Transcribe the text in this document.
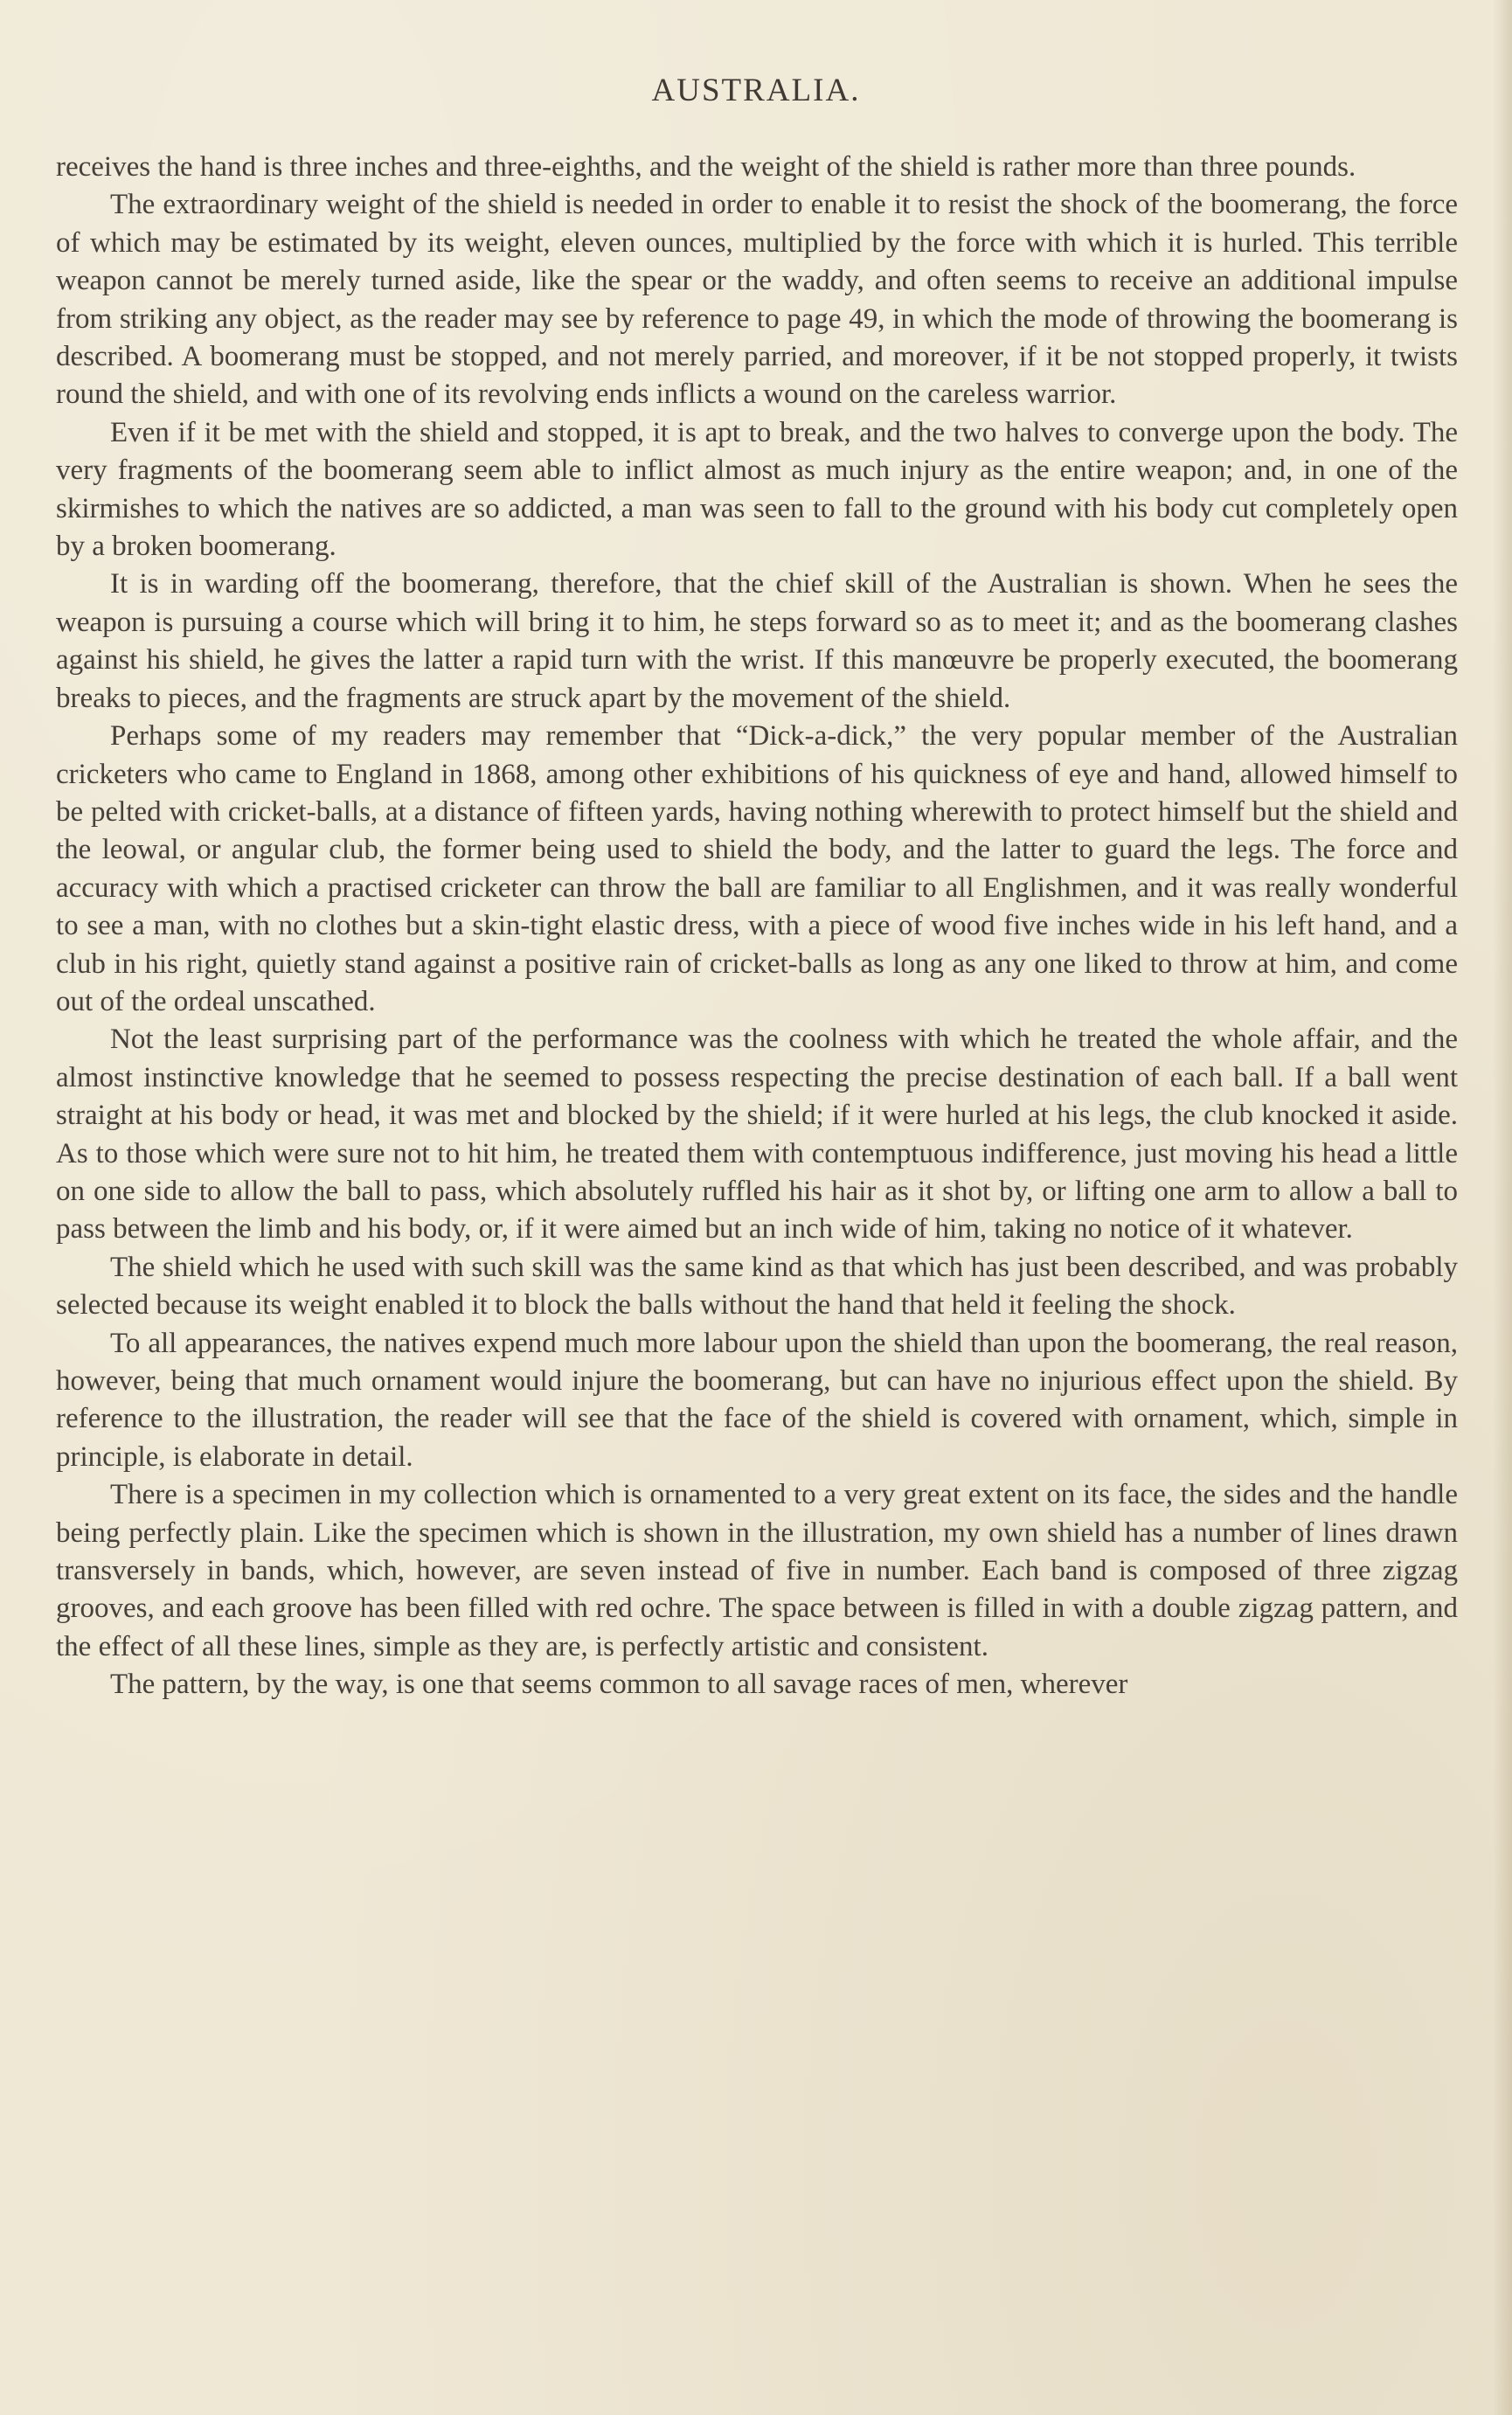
AUSTRALIA.

receives the hand is three inches and three-eighths, and the weight of the shield is rather more than three pounds.

The extraordinary weight of the shield is needed in order to enable it to resist the shock of the boomerang, the force of which may be estimated by its weight, eleven ounces, multiplied by the force with which it is hurled. This terrible weapon cannot be merely turned aside, like the spear or the waddy, and often seems to receive an additional impulse from striking any object, as the reader may see by reference to page 49, in which the mode of throwing the boomerang is described. A boomerang must be stopped, and not merely parried, and moreover, if it be not stopped properly, it twists round the shield, and with one of its revolving ends inflicts a wound on the careless warrior.

Even if it be met with the shield and stopped, it is apt to break, and the two halves to converge upon the body. The very fragments of the boomerang seem able to inflict almost as much injury as the entire weapon; and, in one of the skirmishes to which the natives are so addicted, a man was seen to fall to the ground with his body cut completely open by a broken boomerang.

It is in warding off the boomerang, therefore, that the chief skill of the Australian is shown. When he sees the weapon is pursuing a course which will bring it to him, he steps forward so as to meet it; and as the boomerang clashes against his shield, he gives the latter a rapid turn with the wrist. If this manœuvre be properly executed, the boomerang breaks to pieces, and the fragments are struck apart by the movement of the shield.

Perhaps some of my readers may remember that “Dick-a-dick,” the very popular member of the Australian cricketers who came to England in 1868, among other exhibitions of his quickness of eye and hand, allowed himself to be pelted with cricket-balls, at a distance of fifteen yards, having nothing wherewith to protect himself but the shield and the leowal, or angular club, the former being used to shield the body, and the latter to guard the legs. The force and accuracy with which a practised cricketer can throw the ball are familiar to all Englishmen, and it was really wonderful to see a man, with no clothes but a skin-tight elastic dress, with a piece of wood five inches wide in his left hand, and a club in his right, quietly stand against a positive rain of cricket-balls as long as any one liked to throw at him, and come out of the ordeal unscathed.

Not the least surprising part of the performance was the coolness with which he treated the whole affair, and the almost instinctive knowledge that he seemed to possess respecting the precise destination of each ball. If a ball went straight at his body or head, it was met and blocked by the shield; if it were hurled at his legs, the club knocked it aside. As to those which were sure not to hit him, he treated them with contemptuous indifference, just moving his head a little on one side to allow the ball to pass, which absolutely ruffled his hair as it shot by, or lifting one arm to allow a ball to pass between the limb and his body, or, if it were aimed but an inch wide of him, taking no notice of it whatever.

The shield which he used with such skill was the same kind as that which has just been described, and was probably selected because its weight enabled it to block the balls without the hand that held it feeling the shock.

To all appearances, the natives expend much more labour upon the shield than upon the boomerang, the real reason, however, being that much ornament would injure the boomerang, but can have no injurious effect upon the shield. By reference to the illustration, the reader will see that the face of the shield is covered with ornament, which, simple in principle, is elaborate in detail.

There is a specimen in my collection which is ornamented to a very great extent on its face, the sides and the handle being perfectly plain. Like the specimen which is shown in the illustration, my own shield has a number of lines drawn transversely in bands, which, however, are seven instead of five in number. Each band is composed of three zigzag grooves, and each groove has been filled with red ochre. The space between is filled in with a double zigzag pattern, and the effect of all these lines, simple as they are, is perfectly artistic and consistent.

The pattern, by the way, is one that seems common to all savage races of men, wherever
